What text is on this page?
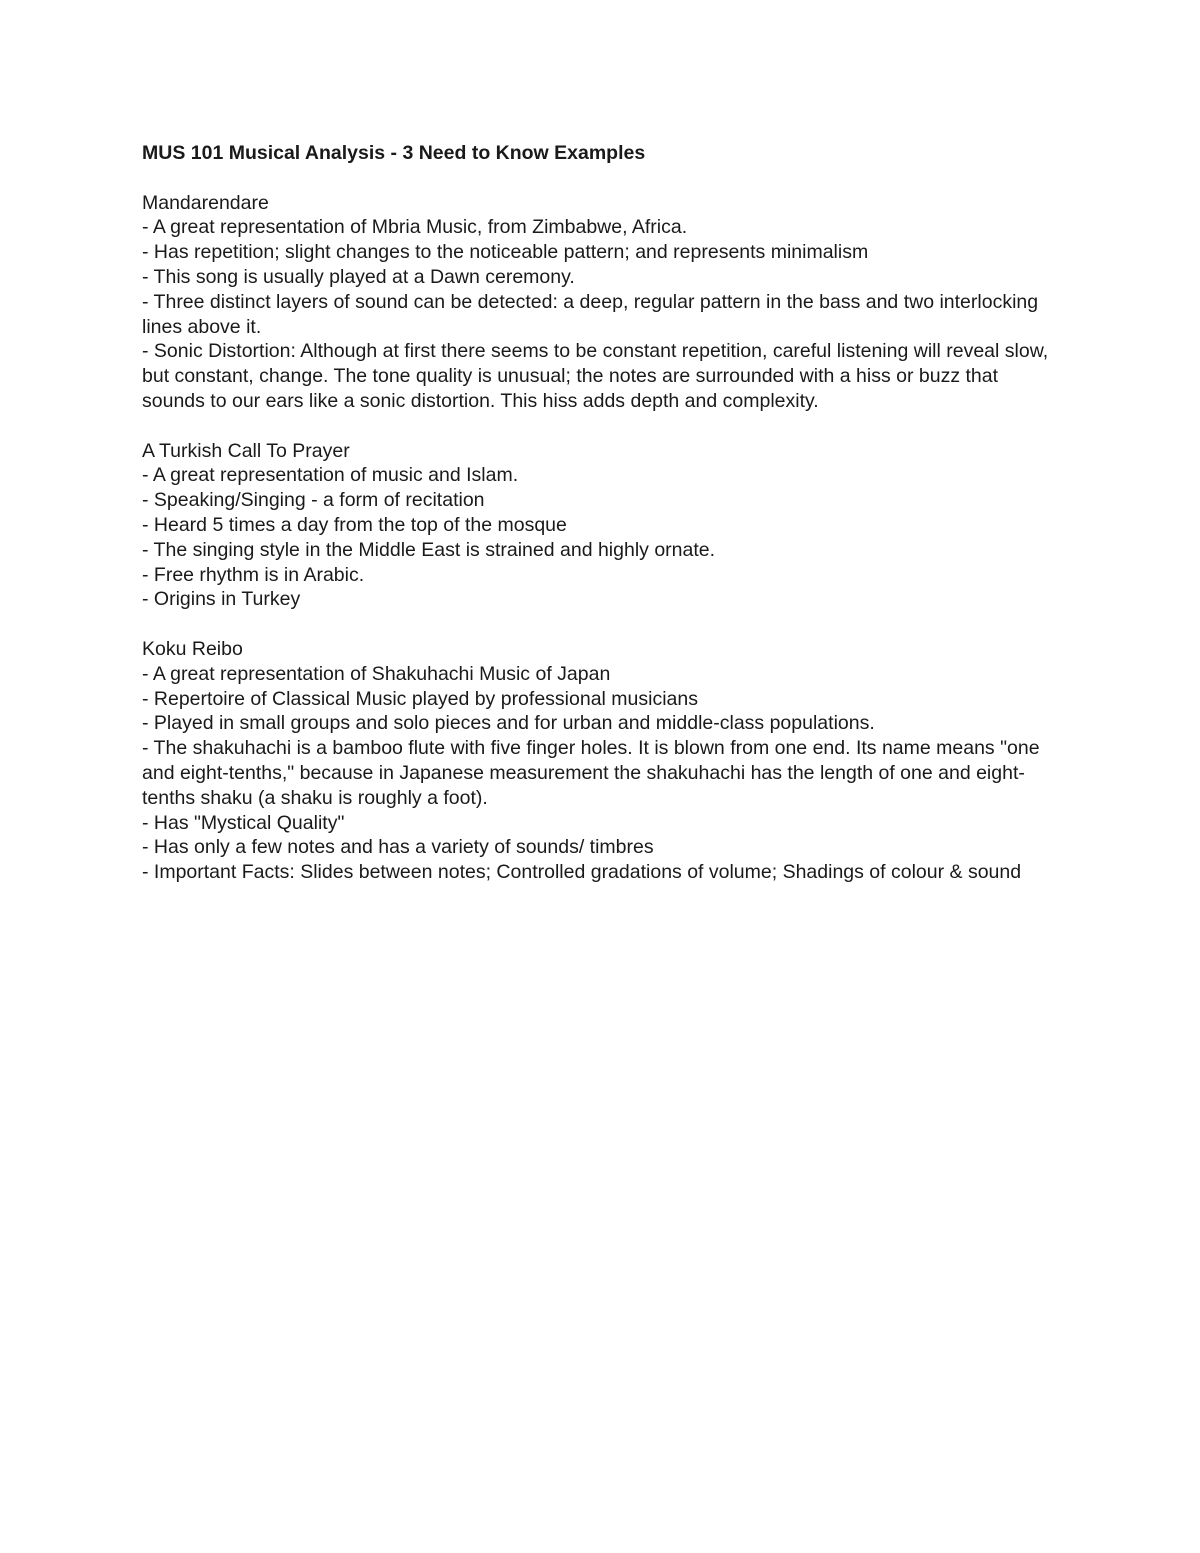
MUS 101 Musical Analysis - 3 Need to Know Examples
Mandarendare
- A great representation of Mbria Music, from Zimbabwe, Africa.
- Has repetition; slight changes to the noticeable pattern; and represents minimalism
- This song is usually played at a Dawn ceremony.
- Three distinct layers of sound can be detected: a deep, regular pattern in the bass and two interlocking lines above it.
- Sonic Distortion: Although at first there seems to be constant repetition, careful listening will reveal slow, but constant, change. The tone quality is unusual; the notes are surrounded with a hiss or buzz that sounds to our ears like a sonic distortion. This hiss adds depth and complexity.
A Turkish Call To Prayer
- A great representation of music and Islam.
- Speaking/Singing - a form of recitation
- Heard 5 times a day from the top of the mosque
- The singing style in the Middle East is strained and highly ornate.
- Free rhythm is in Arabic.
- Origins in Turkey
Koku Reibo
- A great representation of Shakuhachi Music of Japan
- Repertoire of Classical Music played by professional musicians
- Played in small groups and solo pieces and for urban and middle-class populations.
- The shakuhachi is a bamboo flute with five finger holes. It is blown from one end. Its name means "one and eight-tenths," because in Japanese measurement the shakuhachi has the length of one and eight-tenths shaku (a shaku is roughly a foot).
- Has "Mystical Quality"
- Has only a few notes and has a variety of sounds/ timbres
- Important Facts: Slides between notes; Controlled gradations of volume; Shadings of colour & sound
